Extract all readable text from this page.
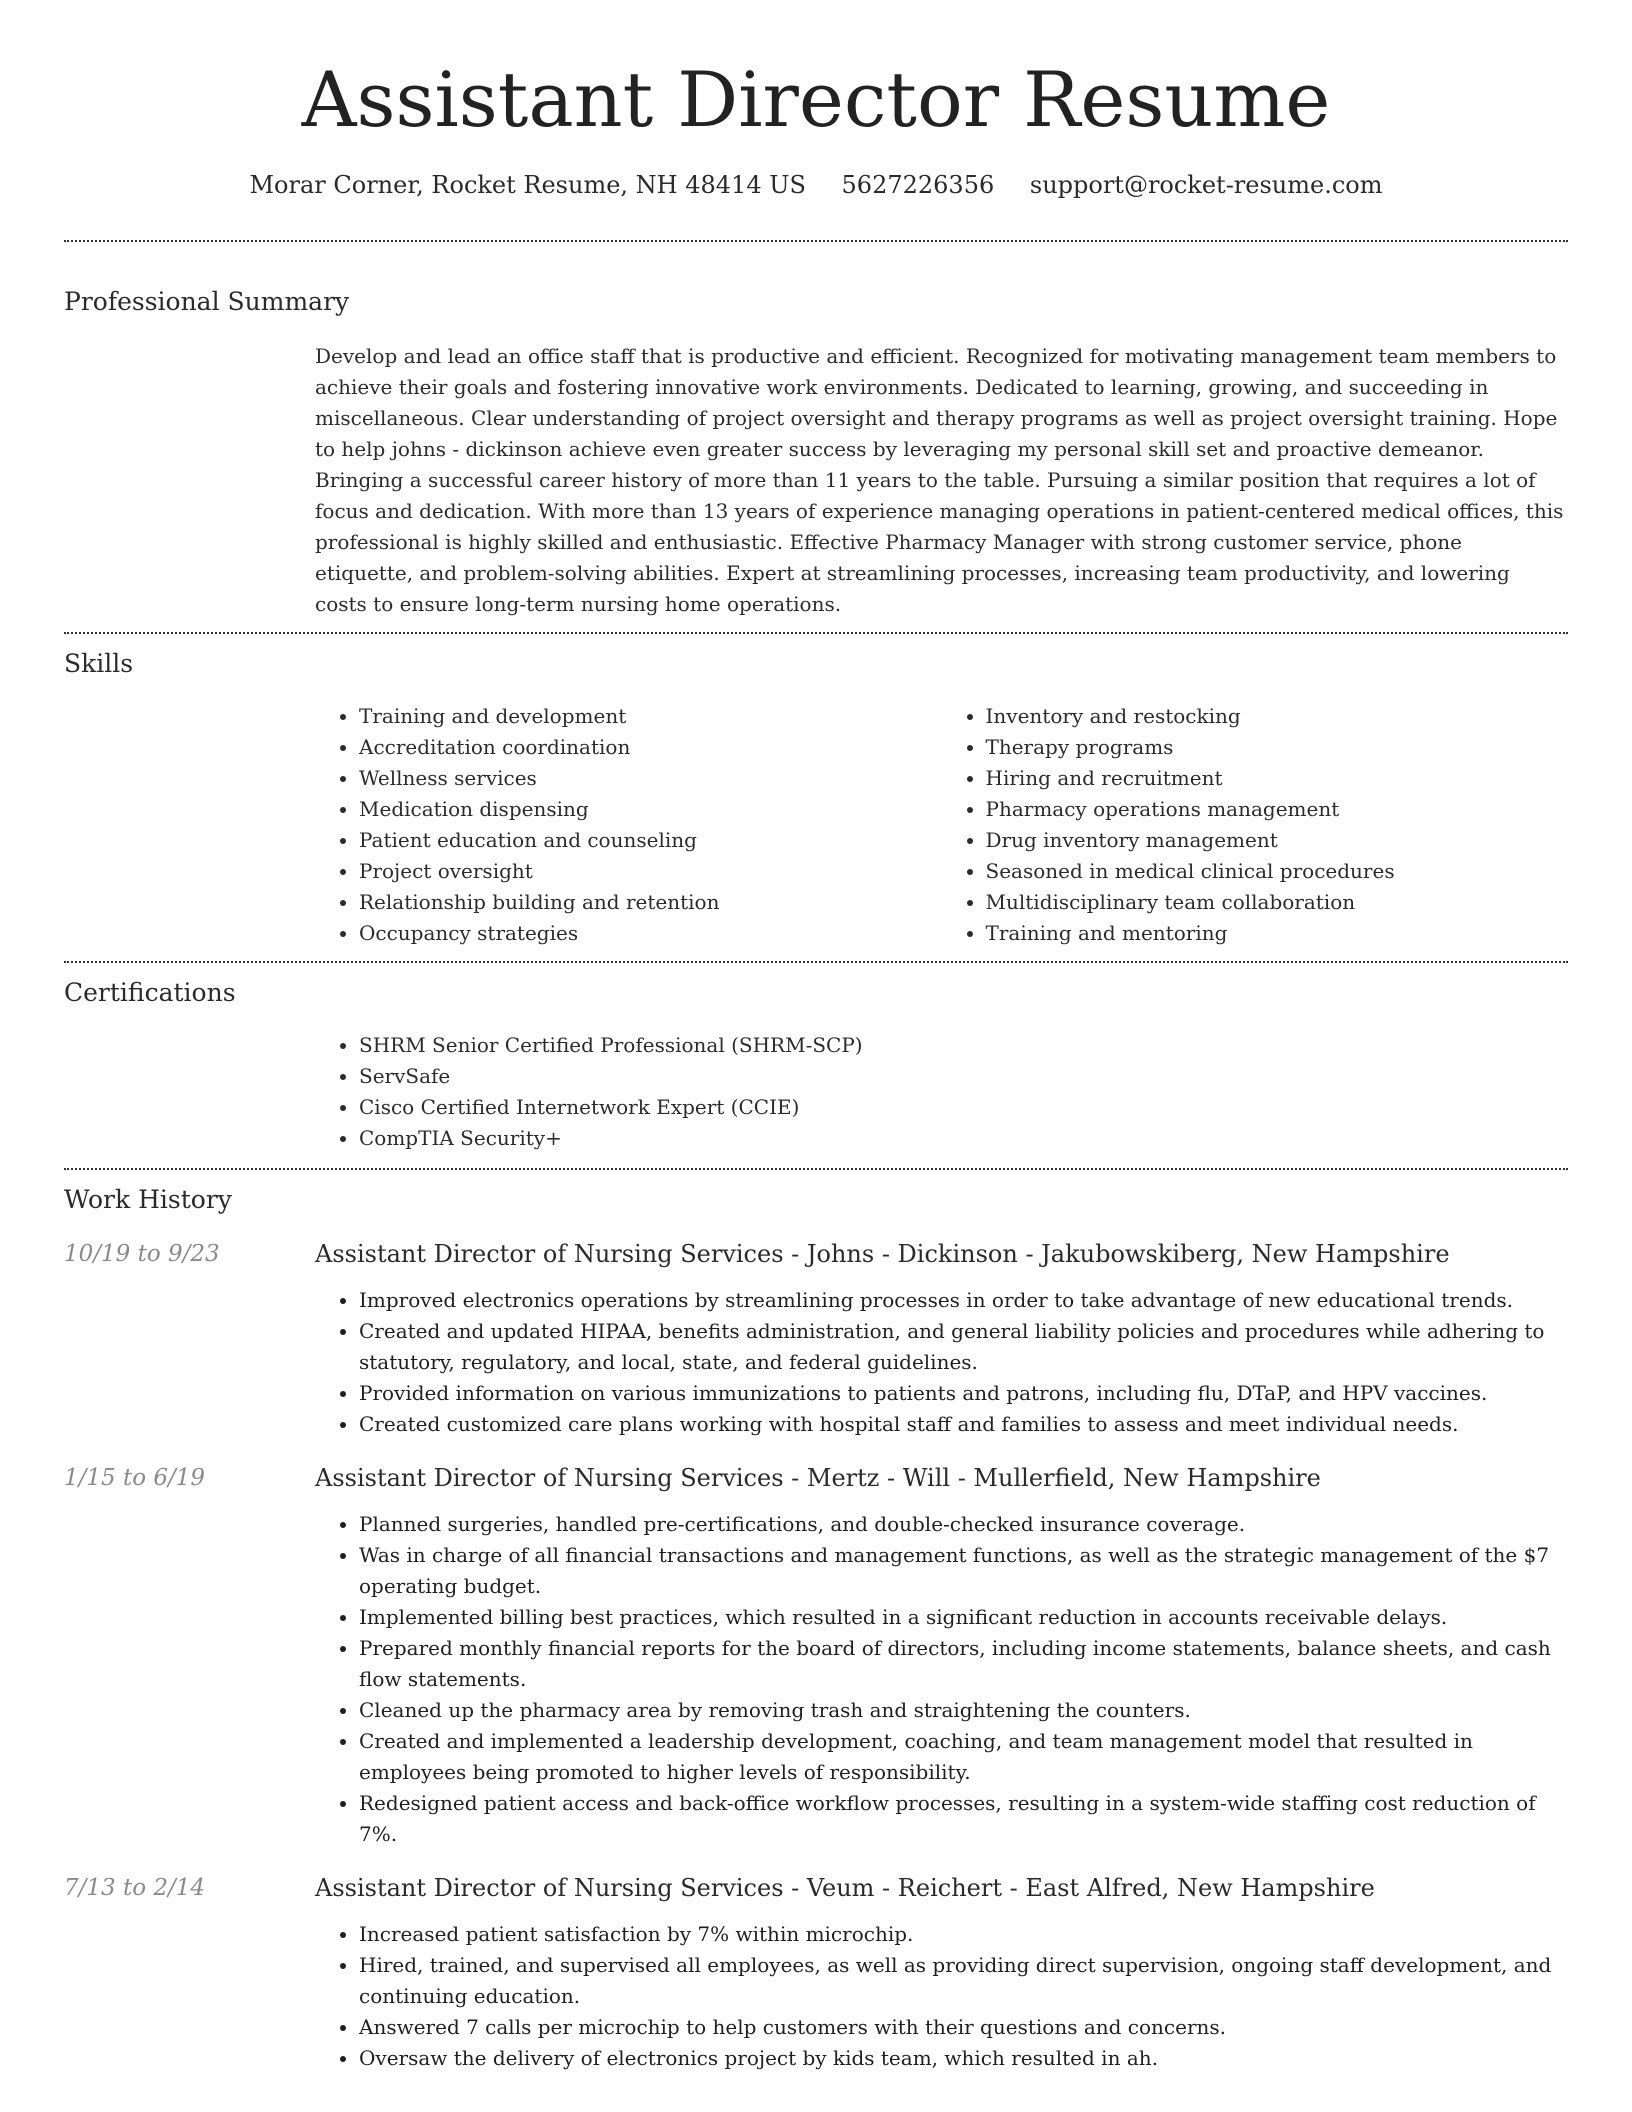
Assistant Director Resume
Morar Corner, Rocket Resume, NH 48414 US 5627226356 support@rocket-resume.com
Professional Summary
Develop and lead an office staff that is productive and efficient. Recognized for motivating management team members to achieve their goals and fostering innovative work environments. Dedicated to learning, growing, and succeeding in miscellaneous. Clear understanding of project oversight and therapy programs as well as project oversight training. Hope to help johns - dickinson achieve even greater success by leveraging my personal skill set and proactive demeanor. Bringing a successful career history of more than 11 years to the table. Pursuing a similar position that requires a lot of focus and dedication. With more than 13 years of experience managing operations in patient-centered medical offices, this professional is highly skilled and enthusiastic. Effective Pharmacy Manager with strong customer service, phone etiquette, and problem-solving abilities. Expert at streamlining processes, increasing team productivity, and lowering costs to ensure long-term nursing home operations.
Skills
• Training and development
• Accreditation coordination
• Wellness services
• Medication dispensing
• Patient education and counseling
• Project oversight
• Relationship building and retention
• Occupancy strategies
• Inventory and restocking
• Therapy programs
• Hiring and recruitment
• Pharmacy operations management
• Drug inventory management
• Seasoned in medical clinical procedures
• Multidisciplinary team collaboration
• Training and mentoring
Certifications
• SHRM Senior Certified Professional (SHRM-SCP)
• ServSafe
• Cisco Certified Internetwork Expert (CCIE)
• CompTIA Security+
Work History
10/19 to 9/23	Assistant Director of Nursing Services - Johns - Dickinson - Jakubowskiberg, New Hampshire
• Improved electronics operations by streamlining processes in order to take advantage of new educational trends.
• Created and updated HIPAA, benefits administration, and general liability policies and procedures while adhering to statutory, regulatory, and local, state, and federal guidelines.
• Provided information on various immunizations to patients and patrons, including flu, DTaP, and HPV vaccines.
• Created customized care plans working with hospital staff and families to assess and meet individual needs.
1/15 to 6/19	Assistant Director of Nursing Services - Mertz - Will - Mullerfield, New Hampshire
• Planned surgeries, handled pre-certifications, and double-checked insurance coverage.
• Was in charge of all financial transactions and management functions, as well as the strategic management of the $7 operating budget.
• Implemented billing best practices, which resulted in a significant reduction in accounts receivable delays.
• Prepared monthly financial reports for the board of directors, including income statements, balance sheets, and cash flow statements.
• Cleaned up the pharmacy area by removing trash and straightening the counters.
• Created and implemented a leadership development, coaching, and team management model that resulted in employees being promoted to higher levels of responsibility.
• Redesigned patient access and back-office workflow processes, resulting in a system-wide staffing cost reduction of 7%.
7/13 to 2/14	Assistant Director of Nursing Services - Veum - Reichert - East Alfred, New Hampshire
• Increased patient satisfaction by 7% within microchip.
• Hired, trained, and supervised all employees, as well as providing direct supervision, ongoing staff development, and continuing education.
• Answered 7 calls per microchip to help customers with their questions and concerns.
• Oversaw the delivery of electronics project by kids team, which resulted in ah.
